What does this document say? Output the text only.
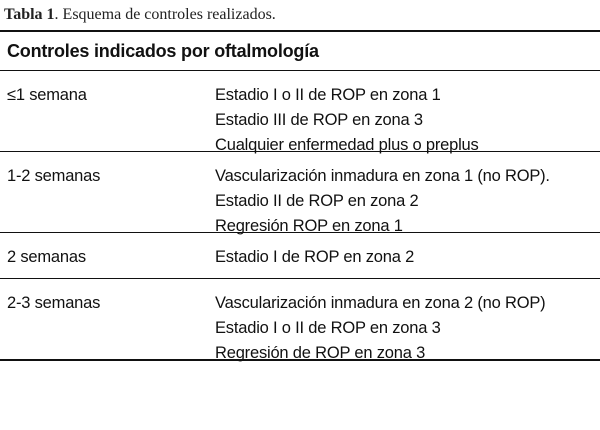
Tabla 1. Esquema de controles realizados.
Controles indicados por oftalmología
≤1 semana	Estadio I o II de ROP en zona 1
Estadio III de ROP en zona 3
Cualquier enfermedad plus o preplus
1-2 semanas	Vascularización inmadura en zona 1 (no ROP).
Estadio II de ROP en zona 2
Regresión ROP en zona 1
2 semanas	Estadio I de ROP en zona 2
2-3 semanas	Vascularización inmadura en zona 2 (no ROP)
Estadio I o II de ROP en zona 3
Regresión de ROP en zona 3
